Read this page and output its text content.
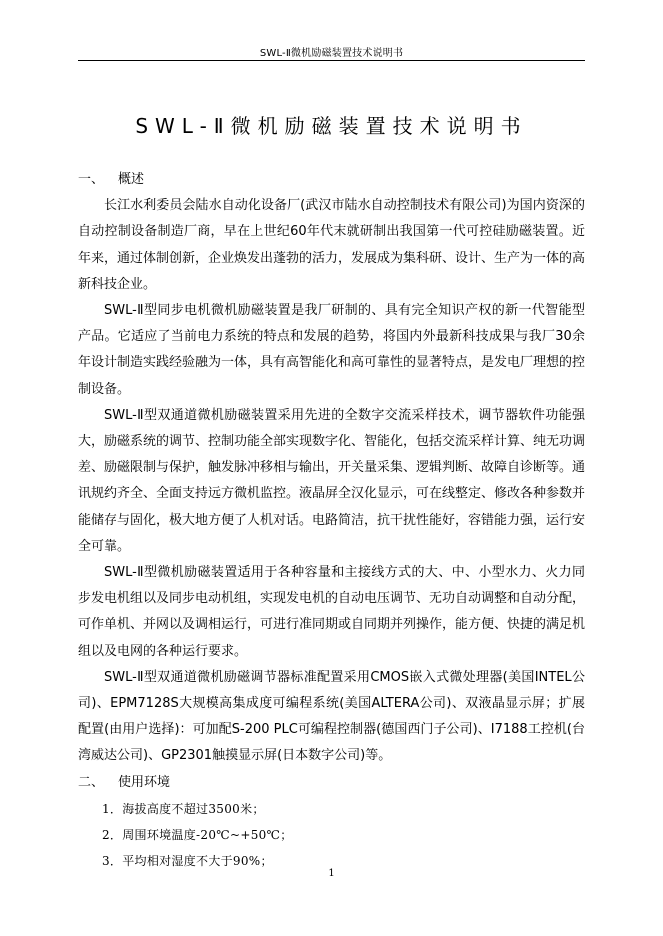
SWL-Ⅱ微机励磁装置技术说明书
SWL-Ⅱ微机励磁装置技术说明书
一、	概述

长江水利委员会陆水自动化设备厂(武汉市陆水自动控制技术有限公司)为国内资深的自动控制设备制造厂商，早在上世纪60年代末就研制出我国第一代可控硅励磁装置。近年来，通过体制创新，企业焕发出蓬勃的活力，发展成为集科研、设计、生产为一体的高新科技企业。

SWL-Ⅱ型同步电机微机励磁装置是我厂研制的、具有完全知识产权的新一代智能型产品。它适应了当前电力系统的特点和发展的趋势，将国内外最新科技成果与我厂30余年设计制造实践经验融为一体，具有高智能化和高可靠性的显著特点，是发电厂理想的控制设备。

SWL-Ⅱ型双通道微机励磁装置采用先进的全数字交流采样技术，调节器软件功能强大，励磁系统的调节、控制功能全部实现数字化、智能化，包括交流采样计算、纯无功调差、励磁限制与保护，触发脉冲移相与输出，开关量采集、逻辑判断、故障自诊断等。通讯规约齐全、全面支持远方微机监控。液晶屏全汉化显示，可在线整定、修改各种参数并能储存与固化，极大地方便了人机对话。电路简洁，抗干扰性能好，容错能力强，运行安全可靠。

SWL-Ⅱ型微机励磁装置适用于各种容量和主接线方式的大、中、小型水力、火力同步发电机组以及同步电动机组，实现发电机的自动电压调节、无功自动调整和自动分配，可作单机、并网以及调相运行，可进行准同期或自同期并列操作，能方便、快捷的满足机组以及电网的各种运行要求。

SWL-Ⅱ型双通道微机励磁调节器标准配置采用CMOS嵌入式微处理器(美国INTEL公司)、EPM7128S大规模高集成度可编程系统(美国ALTERA公司)、双液晶显示屏；扩展配置(由用户选择)：可加配S-200 PLC可编程控制器(德国西门子公司)、I7188工控机(台湾威达公司)、GP2301触摸显示屏(日本数字公司)等。

二、	使用环境
1．海拔高度不超过3500米；
2．周围环境温度-20℃~+50℃；
3．平均相对湿度不大于90%；
1
